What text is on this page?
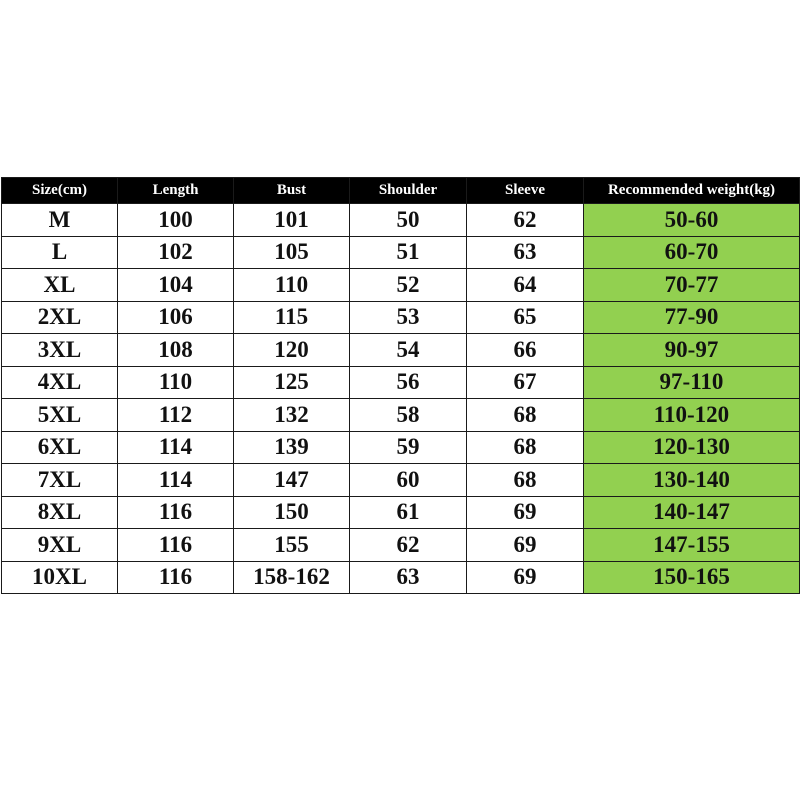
Size(cm)	Length	Bust	Shoulder	Sleeve	Recommended weight(kg)
M	100	101	50	62	50-60
L	102	105	51	63	60-70
XL	104	110	52	64	70-77
2XL	106	115	53	65	77-90
3XL	108	120	54	66	90-97
4XL	110	125	56	67	97-110
5XL	112	132	58	68	110-120
6XL	114	139	59	68	120-130
7XL	114	147	60	68	130-140
8XL	116	150	61	69	140-147
9XL	116	155	62	69	147-155
10XL	116	158-162	63	69	150-165
